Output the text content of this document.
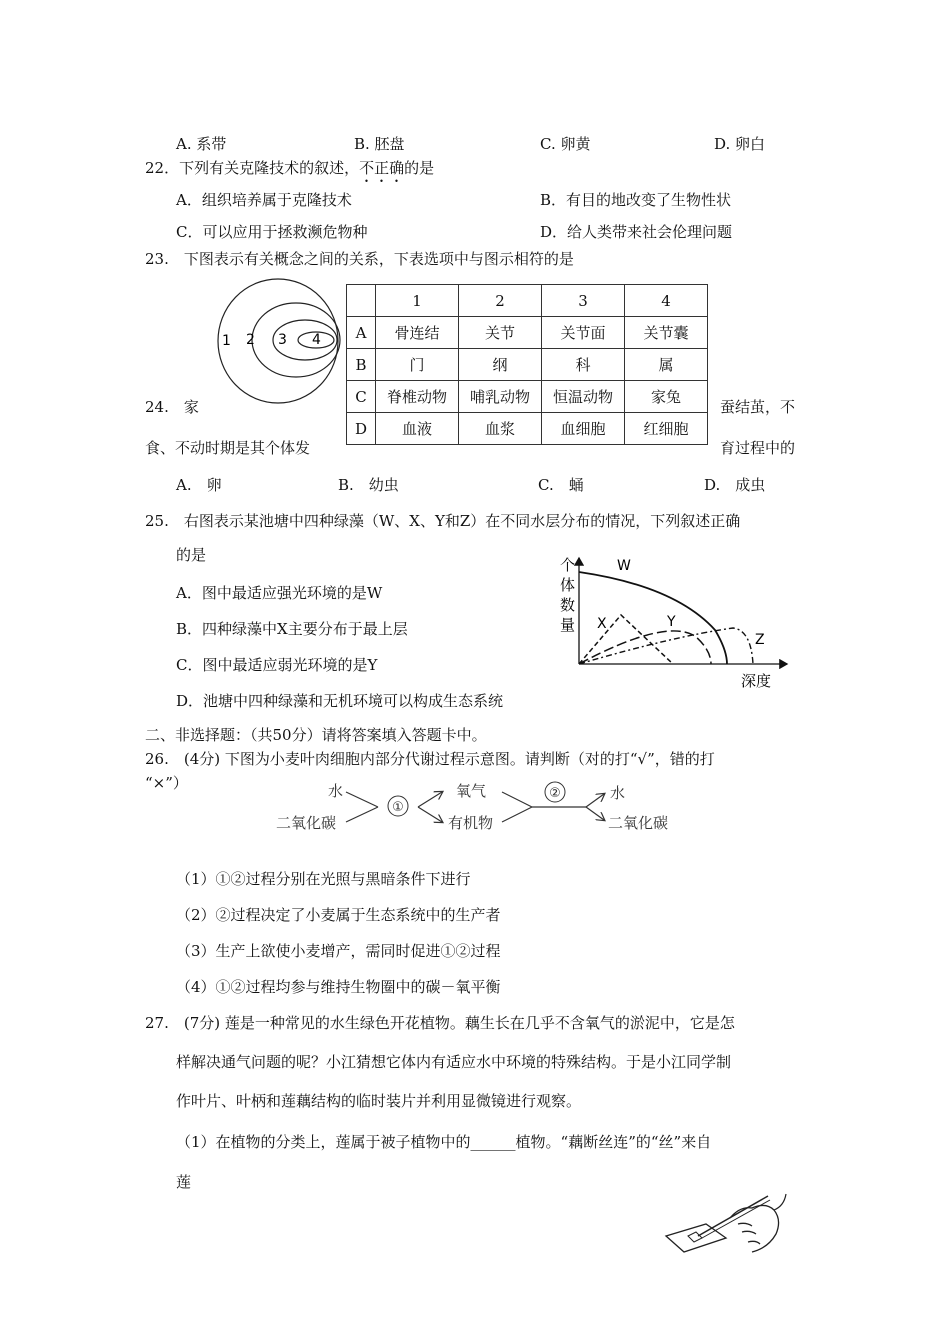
A. 系带	B. 胚盘	C. 卵黄	D. 卵白
22．下列有关克隆技术的叙述，不正确的是
A．组织培养属于克隆技术	B．有目的地改变了生物性状
C．可以应用于拯救濒危物种	D．给人类带来社会伦理问题
23.　下图表示有关概念之间的关系，下表选项中与图示相符的是
1 2 3 4
	1	2	3	4
A	骨连结	关节	关节面	关节囊
B	门	纲	科	属
C	脊椎动物	哺乳动物	恒温动物	家兔
D	血液	血浆	血细胞	红细胞
24.　家	蚕结茧，不
食、不动时期是其个体发	育过程中的
A.　卵	B.　幼虫	C.　蛹	D.　成虫
25.　右图表示某池塘中四种绿藻（W、X、Y和Z）在不同水层分布的情况，下列叙述正确
的是
A．图中最适应强光环境的是W
B．四种绿藻中X主要分布于最上层
C．图中最适应弱光环境的是Y
D．池塘中四种绿藻和无机环境可以构成生态系统
个
体
数
量
深度
W
X	Y
Z
二、非选择题：（共50分）请将答案填入答题卡中。
26.　(4分) 下图为小麦叶肉细胞内部分代谢过程示意图。请判断（对的打“√”，错的打
“×”）	水
二氧化碳
①
氧气
有机物
②	水
二氧化碳
（1）①②过程分别在光照与黑暗条件下进行
（2）②过程决定了小麦属于生态系统中的生产者
（3）生产上欲使小麦增产，需同时促进①②过程
（4）①②过程均参与维持生物圈中的碳－氧平衡
27.　(7分) 莲是一种常见的水生绿色开花植物。藕生长在几乎不含氧气的淤泥中，它是怎
样解决通气问题的呢？小江猜想它体内有适应水中环境的特殊结构。于是小江同学制
作叶片、叶柄和莲藕结构的临时装片并利用显微镜进行观察。
（1）在植物的分类上，莲属于被子植物中的______植物。“藕断丝连”的“丝”来自
莲
